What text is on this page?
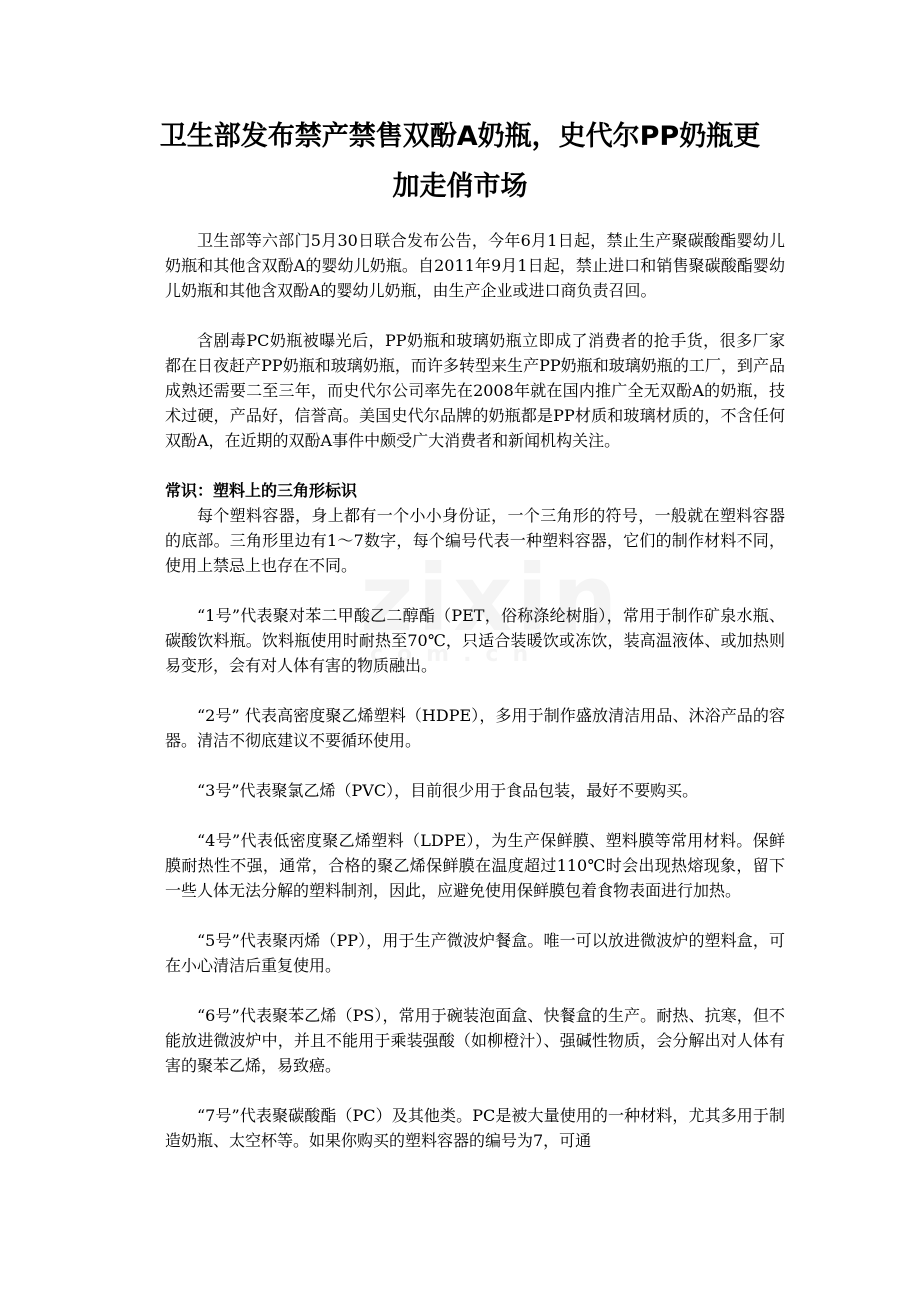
卫生部发布禁产禁售双酚A奶瓶，史代尔PP奶瓶更
加走俏市场

卫生部等六部门5月30日联合发布公告，今年6月1日起，禁止生产聚碳酸酯婴幼儿奶瓶和其他含双酚A的婴幼儿奶瓶。自2011年9月1日起，禁止进口和销售聚碳酸酯婴幼儿奶瓶和其他含双酚A的婴幼儿奶瓶，由生产企业或进口商负责召回。

含剧毒PC奶瓶被曝光后，PP奶瓶和玻璃奶瓶立即成了消费者的抢手货，很多厂家都在日夜赶产PP奶瓶和玻璃奶瓶，而许多转型来生产PP奶瓶和玻璃奶瓶的工厂，到产品成熟还需要二至三年，而史代尔公司率先在2008年就在国内推广全无双酚A的奶瓶，技术过硬，产品好，信誉高。美国史代尔品牌的奶瓶都是PP材质和玻璃材质的，不含任何双酚A，在近期的双酚A事件中颇受广大消费者和新闻机构关注。

常识：塑料上的三角形标识

每个塑料容器，身上都有一个小小身份证，一个三角形的符号，一般就在塑料容器的底部。三角形里边有1～7数字，每个编号代表一种塑料容器，它们的制作材料不同，使用上禁忌上也存在不同。

“1号”代表聚对苯二甲酸乙二醇酯（PET，俗称涤纶树脂），常用于制作矿泉水瓶、碳酸饮料瓶。饮料瓶使用时耐热至70℃，只适合装暖饮或冻饮，装高温液体、或加热则易变形，会有对人体有害的物质融出。

“2号” 代表高密度聚乙烯塑料（HDPE），多用于制作盛放清洁用品、沐浴产品的容器。清洁不彻底建议不要循环使用。

“3号”代表聚氯乙烯（PVC），目前很少用于食品包装，最好不要购买。

“4号”代表低密度聚乙烯塑料（LDPE），为生产保鲜膜、塑料膜等常用材料。保鲜膜耐热性不强，通常，合格的聚乙烯保鲜膜在温度超过110℃时会出现热熔现象，留下一些人体无法分解的塑料制剂，因此，应避免使用保鲜膜包着食物表面进行加热。

“5号”代表聚丙烯（PP），用于生产微波炉餐盒。唯一可以放进微波炉的塑料盒，可在小心清洁后重复使用。

“6号”代表聚苯乙烯（PS），常用于碗装泡面盒、快餐盒的生产。耐热、抗寒，但不能放进微波炉中，并且不能用于乘装强酸（如柳橙汁）、强碱性物质，会分解出对人体有害的聚苯乙烯，易致癌。

“7号”代表聚碳酸酯（PC）及其他类。PC是被大量使用的一种材料，尤其多用于制造奶瓶、太空杯等。如果你购买的塑料容器的编号为7，可通
